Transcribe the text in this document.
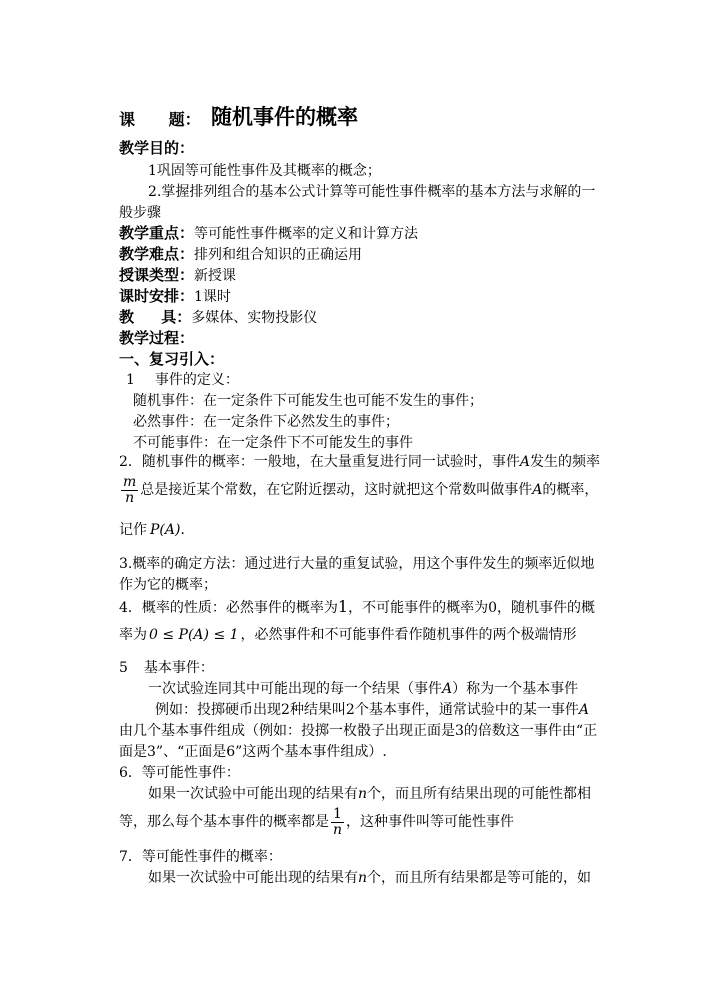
课 题： 随机事件的概率
教学目的：
1巩固等可能性事件及其概率的概念；
2.掌握排列组合的基本公式计算等可能性事件概率的基本方法与求解的一
般步骤
教学重点：等可能性事件概率的定义和计算方法
教学难点：排列和组合知识的正确运用
授课类型：新授课
课时安排：1课时
教 具：多媒体、实物投影仪
教学过程：
一、复习引入：
1 事件的定义：
随机事件：在一定条件下可能发生也可能不发生的事件；
必然事件：在一定条件下必然发生的事件；
不可能事件：在一定条件下不可能发生的事件
2．随机事件的概率：一般地，在大量重复进行同一试验时，事件A发生的频率
$\frac{m}{n}$ 总是接近某个常数，在它附近摆动，这时就把这个常数叫做事件A的概率，
记作 P(A)．
3.概率的确定方法：通过进行大量的重复试验，用这个事件发生的频率近似地
作为它的概率；
4．概率的性质：必然事件的概率为1，不可能事件的概率为0，随机事件的概
率为 0 ≤ P(A) ≤ 1 ，必然事件和不可能事件看作随机事件的两个极端情形
5 基本事件：
一次试验连同其中可能出现的每一个结果（事件A）称为一个基本事件
例如：投掷硬币出现2种结果叫2个基本事件，通常试验中的某一事件A
由几个基本事件组成（例如：投掷一枚骰子出现正面是3的倍数这一事件由“正
面是3”、“正面是6”这两个基本事件组成）.
6．等可能性事件：
如果一次试验中可能出现的结果有n个，而且所有结果出现的可能性都相
等，那么每个基本事件的概率都是 $\frac{1}{n}$ ，这种事件叫等可能性事件
7．等可能性事件的概率：
如果一次试验中可能出现的结果有n个，而且所有结果都是等可能的，如
